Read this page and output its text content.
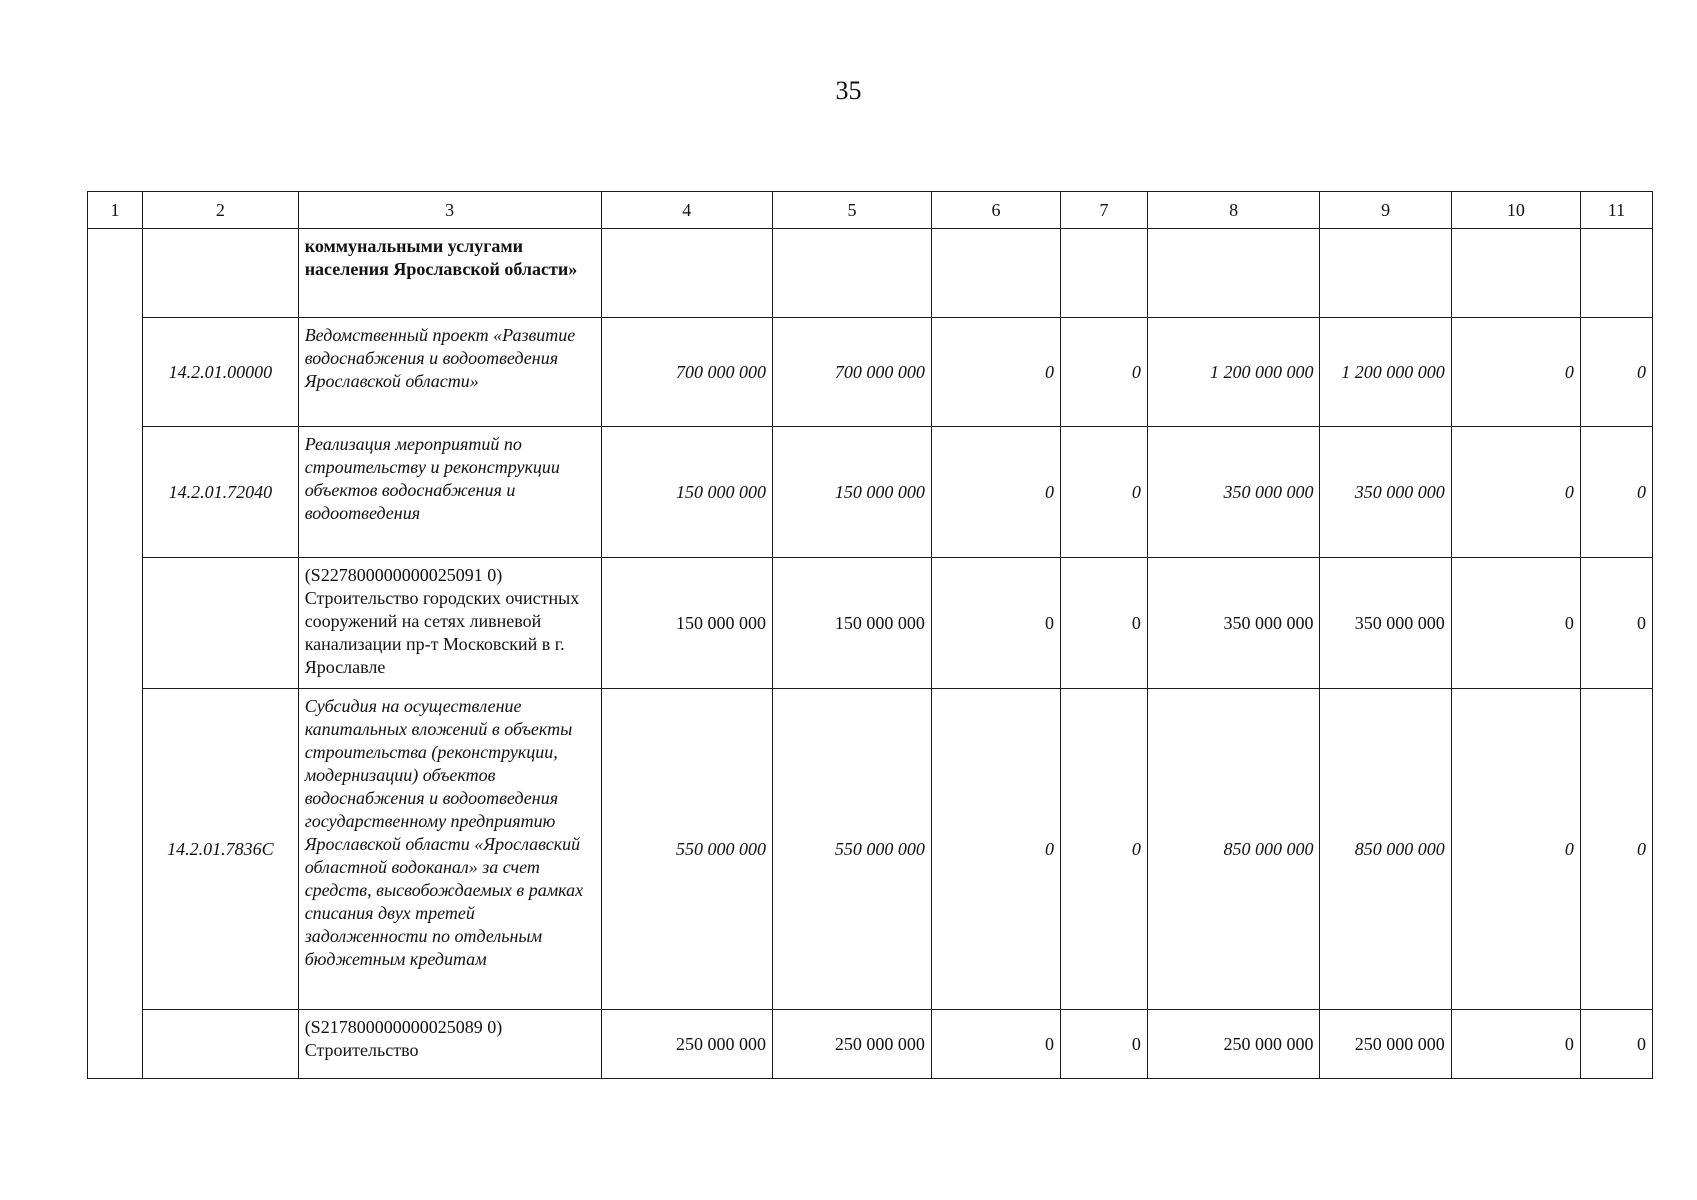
35
1	2	3	4	5	6	7	8	9	10	11
		коммунальными услугами населения Ярославской области»								
	14.2.01.00000	Ведомственный проект «Развитие водоснабжения и водоотведения Ярославской области»	700 000 000	700 000 000	0	0	1 200 000 000	1 200 000 000	0	0
	14.2.01.72040	Реализация мероприятий по строительству и реконструкции объектов водоснабжения и водоотведения	150 000 000	150 000 000	0	0	350 000 000	350 000 000	0	0
		(S227800000000025091 0) Строительство городских очистных сооружений на сетях ливневой канализации пр-т Московский в г. Ярославле	150 000 000	150 000 000	0	0	350 000 000	350 000 000	0	0
	14.2.01.7836С	Субсидия на осуществление капитальных вложений в объекты строительства (реконструкции, модернизации) объектов водоснабжения и водоотведения государственному предприятию Ярославской области «Ярославский областной водоканал» за счет средств, высвобождаемых в рамках списания двух третей задолженности по отдельным бюджетным кредитам	550 000 000	550 000 000	0	0	850 000 000	850 000 000	0	0
		(S217800000000025089 0) Строительство	250 000 000	250 000 000	0	0	250 000 000	250 000 000	0	0
